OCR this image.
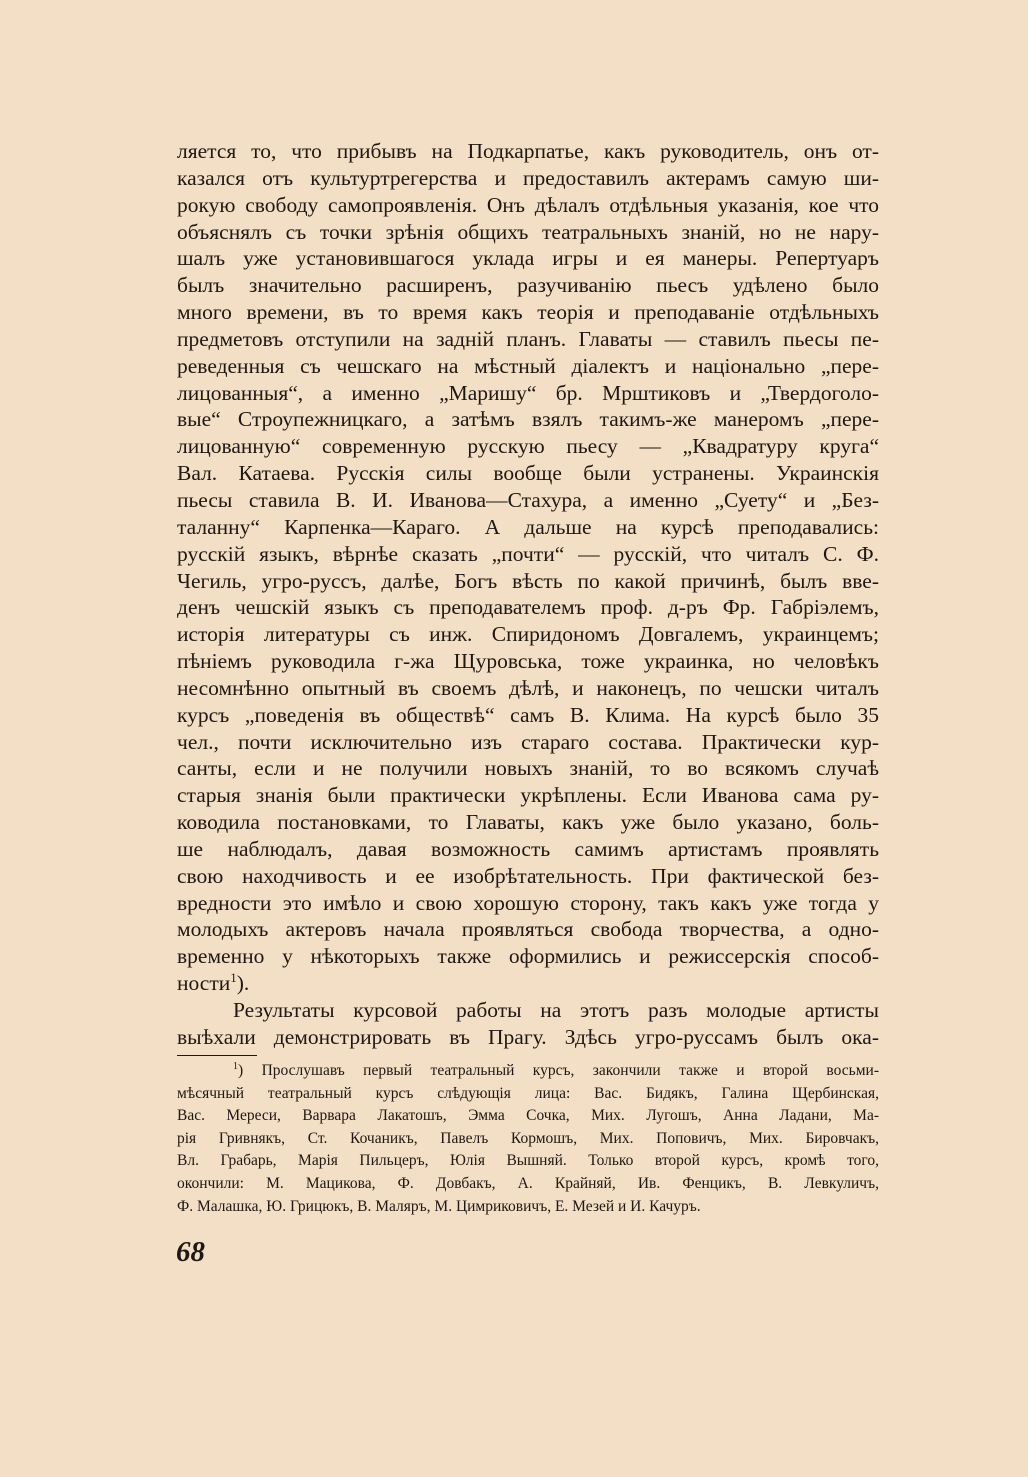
ляется то, что прибывъ на Подкарпатье, какъ руководитель, онъ от-
казался отъ культуртрегерства и предоставилъ актерамъ самую ши-
рокую свободу самопроявленія. Онъ дѣлалъ отдѣльныя указанія, кое что
объяснялъ съ точки зрѣнія общихъ театральныхъ знаній, но не нару-
шалъ уже установившагося уклада игры и ея манеры. Репертуаръ
былъ значительно расширенъ, разучиванію пьесъ удѣлено было
много времени, въ то время какъ теорія и преподаваніе отдѣльныхъ
предметовъ отступили на задній планъ. Главаты — ставилъ пьесы пе-
реведенныя съ чешскаго на мѣстный діалектъ и національно „пере-
лицованныя“, а именно „Маришу“ бр. Мрштиковъ и „Твердоголо-
вые“ Строупежницкаго, а затѣмъ взялъ такимъ-же манеромъ „пере-
лицованную“ современную русскую пьесу — „Квадратуру круга“
Вал. Катаева. Русскія силы вообще были устранены. Украинскія
пьесы ставила В. И. Иванова—Стахура, а именно „Суету“ и „Без-
таланну“ Карпенка—Караго. А дальше на курсѣ преподавались:
русскій языкъ, вѣрнѣе сказать „почти“ — русскій, что читалъ С. Ф.
Чегиль, угро-руссъ, далѣе, Богъ вѣсть по какой причинѣ, былъ вве-
денъ чешскій языкъ съ преподавателемъ проф. д-ръ Фр. Габріэлемъ,
исторія литературы съ инж. Спиридономъ Довгалемъ, украинцемъ;
пѣніемъ руководила г-жа Щуровська, тоже украинка, но человѣкъ
несомнѣнно опытный въ своемъ дѣлѣ, и наконецъ, по чешски читалъ
курсъ „поведенія въ обществѣ“ самъ В. Клима. На курсѣ было 35
чел., почти исключительно изъ стараго состава. Практически кур-
санты, если и не получили новыхъ знаній, то во всякомъ случаѣ
старыя знанія были практически укрѣплены. Если Иванова сама ру-
ководила постановками, то Главаты, какъ уже было указано, боль-
ше наблюдалъ, давая возможность самимъ артистамъ проявлять
свою находчивость и ее изобрѣтательность. При фактической без-
вредности это имѣло и свою хорошую сторону, такъ какъ уже тогда у
молодыхъ актеровъ начала проявляться свобода творчества, а одно-
временно у нѣкоторыхъ также оформились и режиссерскія способ-
ности$^1$).
Результаты курсовой работы на этотъ разъ молодые артисты
выѣхали демонстрировать въ Прагу. Здѣсь угро-руссамъ былъ ока-
$^1$) Прослушавъ первый театральный курсъ, закончили также и второй восьми-
мѣсячный театральный курсъ слѣдующія лица: Вас. Бидякъ, Галина Щербинская,
Вас. Мереси, Варвара Лакатошъ, Эмма Сочка, Мих. Лугошъ, Анна Ладани, Ма-
рія Гривнякъ, Ст. Кочаникъ, Павелъ Кормошъ, Мих. Поповичъ, Мих. Бировчакъ,
Вл. Грабарь, Марія Пильцеръ, Юлія Вышняй. Только второй курсъ, кромѣ того,
окончили: М. Мацикова, Ф. Довбакъ, А. Крайняй, Ив. Фенцикъ, В. Левкуличъ,
Ф. Малашка, Ю. Грицюкъ, В. Маляръ, М. Цимриковичъ, Е. Мезей и И. Качуръ.
68
